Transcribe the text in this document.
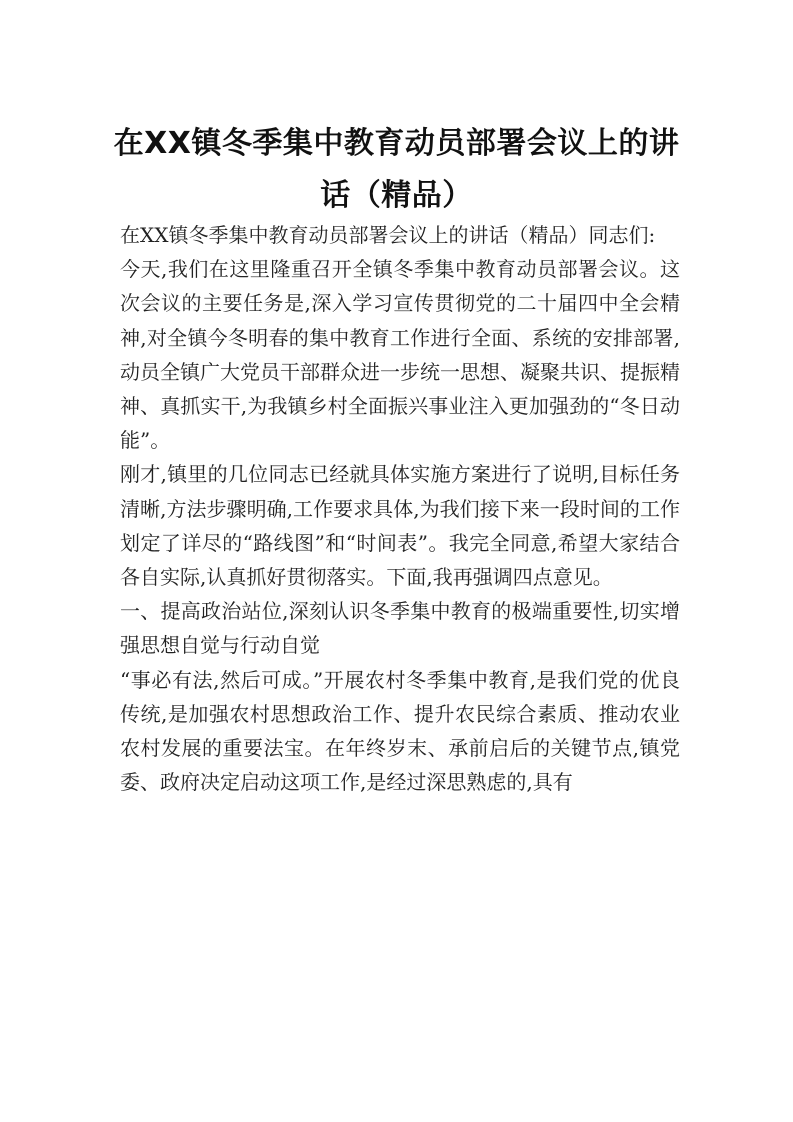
在XX镇冬季集中教育动员部署会议上的讲话（精品）

在XX镇冬季集中教育动员部署会议上的讲话（精品）同志们:

今天,我们在这里隆重召开全镇冬季集中教育动员部署会议。这次会议的主要任务是,深入学习宣传贯彻党的二十届四中全会精神,对全镇今冬明春的集中教育工作进行全面、系统的安排部署,动员全镇广大党员干部群众进一步统一思想、凝聚共识、提振精神、真抓实干,为我镇乡村全面振兴事业注入更加强劲的“冬日动能”。

刚才,镇里的几位同志已经就具体实施方案进行了说明,目标任务清晰,方法步骤明确,工作要求具体,为我们接下来一段时间的工作划定了详尽的“路线图”和“时间表”。我完全同意,希望大家结合各自实际,认真抓好贯彻落实。下面,我再强调四点意见。

一、提高政治站位,深刻认识冬季集中教育的极端重要性,切实增强思想自觉与行动自觉

“事必有法,然后可成。”开展农村冬季集中教育,是我们党的优良传统,是加强农村思想政治工作、提升农民综合素质、推动农业农村发展的重要法宝。在年终岁末、承前启后的关键节点,镇党委、政府决定启动这项工作,是经过深思熟虑的,具有
